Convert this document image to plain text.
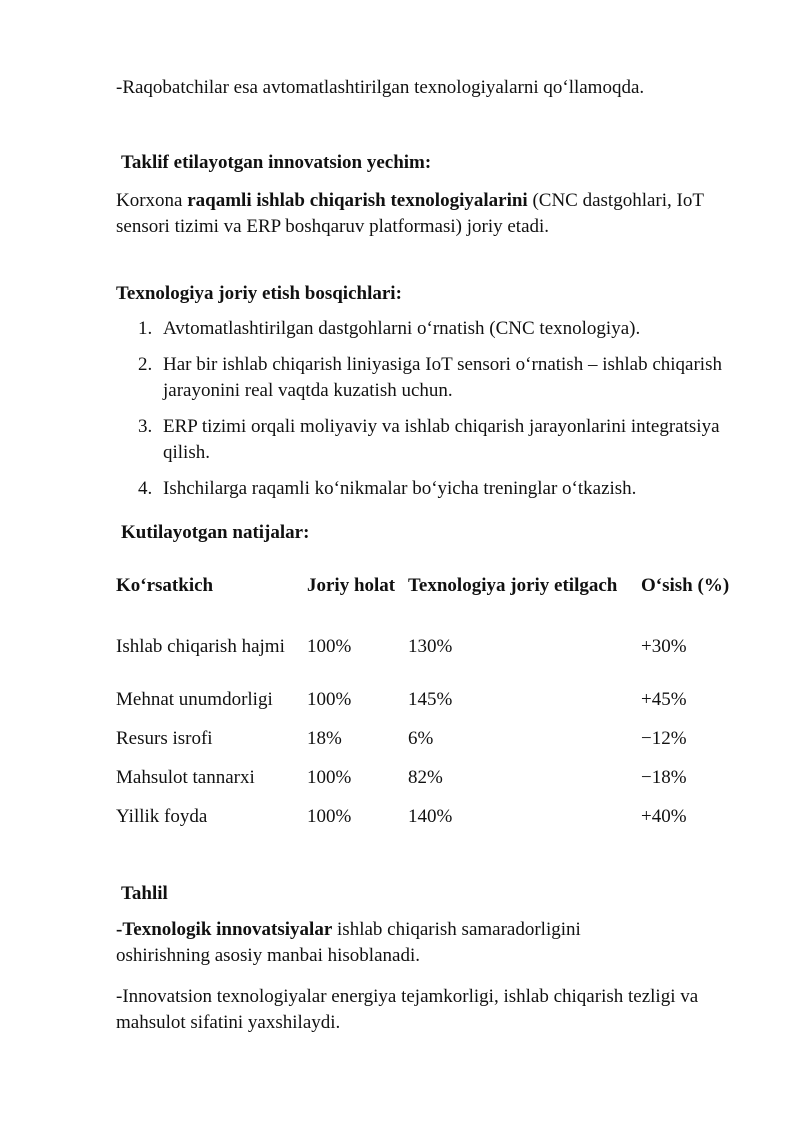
-Raqobatchilar esa avtomatlashtirilgan texnologiyalarni qo‘llamoqda.

Taklif etilayotgan innovatsion yechim:

Korxona raqamli ishlab chiqarish texnologiyalarini (CNC dastgohlari, IoT sensori tizimi va ERP boshqaruv platformasi) joriy etadi.

Texnologiya joriy etish bosqichlari:

1. Avtomatlashtirilgan dastgohlarni o‘rnatish (CNC texnologiya).
2. Har bir ishlab chiqarish liniyasiga IoT sensori o‘rnatish – ishlab chiqarish jarayonini real vaqtda kuzatish uchun.
3. ERP tizimi orqali moliyaviy va ishlab chiqarish jarayonlarini integratsiya qilish.
4. Ishchilarga raqamli ko‘nikmalar bo‘yicha treninglar o‘tkazish.

Kutilayotgan natijalar:

Ko‘rsatkich	Joriy holat	Texnologiya joriy etilgach	O‘sish (%)
Ishlab chiqarish hajmi	100%	130%	+30%
Mehnat unumdorligi	100%	145%	+45%
Resurs isrofi	18%	6%	−12%
Mahsulot tannarxi	100%	82%	−18%
Yillik foyda	100%	140%	+40%

Tahlil

-Texnologik innovatsiyalar ishlab chiqarish samaradorligini oshirishning asosiy manbai hisoblanadi.

-Innovatsion texnologiyalar energiya tejamkorligi, ishlab chiqarish tezligi va mahsulot sifatini yaxshilaydi.
